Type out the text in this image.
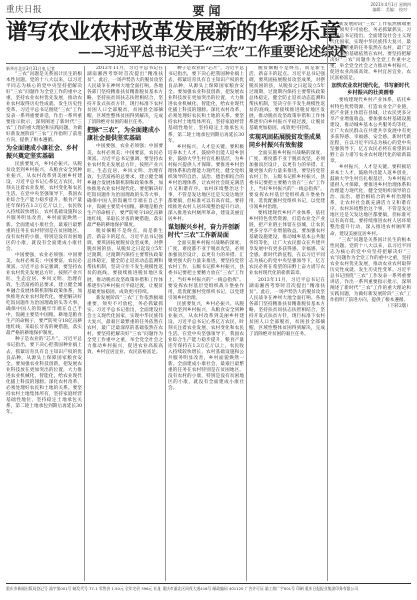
重庆日报	要闻	2021年4月1日 星期四
编辑： 美编： 校对：
谱写农业农村改革发展新的华彩乐章
——习近平总书记关于“三农”工作重要论述综述
新华社北京3月31日电 记者

“三农”问题是关系国计民生的根本性问题。党的十八大以来，以习近平同志为核心的党中央坚持把解决好“三农”问题作为全党工作的重中之重，坚持农业农村优先发展，推动农业农村取得历史性成就、发生历史性变革。习近平总书记围绕“三农”工作发表一系列重要讲话，作出一系列重要指示批示，深刻阐述了新时代“三农”工作的重大理论和实践问题，为做好新发展阶段“三农”工作指明了前进方向，提供了根本遵循。

为全面建成小康社会、乡村振兴奠定坚实基础

民族要复兴，乡村必振兴。从脱贫攻坚到乡村振兴，从粮食安全到种业振兴，从农村改革到美丽乡村建设，习近平总书记心系亿万农民，时刻关注着农业发展、农村变化和农民生活。在党中央坚强领导下，我国农业综合生产能力稳步提升，粮食产量连年保持在1.3万亿斤以上，农民收入持续较快增长，农村基础设施和公共服务明显改善，乡村面貌焕然一新。全面建成小康社会，最艰巨最繁重的任务在农村特别是在贫困地区。没有农村的小康，特别是没有贫困地区的小康，就没有全面建成小康社会。

中国要强，农业必须强；中国要美，农村必须美；中国要富，农民必须富。习近平总书记强调，要坚持农业农村优先发展总方针，按照产业兴旺、生态宜居、乡风文明、治理有效、生活富裕的总要求，建立健全城乡融合发展体制机制和政策体系，加快推进农业农村现代化。要把解决好吃饭问题作为治国理政的头等大事，确保中国人的饭碗牢牢端在自己手中，饭碗主要装中国粮。耕地是粮食生产的命根子，要严防死守18亿亩耕地红线，采取长牙齿的硬措施，落实最严格的耕地保护制度。

种子是农业的“芯片”。习近平总书记指出，要下决心把我国种业搞上去，抓紧培育具有自主知识产权的优良品种，从源头上保障国家粮食安全。要加强农业科技创新，把发展农业科技放在更加突出的位置，大力推进农业机械化、智能化，给农业现代化插上科技的翅膀。深化农村改革，必须处理好农民和土地的关系。要坚持农村土地集体所有，坚持家庭经营基础性地位，坚持稳定土地承包关系，第二轮土地承包到期后再延长30年。

2013年11月，习近平总书记在湖南湘西考察时首次提出“精准扶贫”。此后，一场声势浩大的脱贫攻坚人民战争在神州大地全面打响。各地各部门坚持精准扶贫精准脱贫基本方略，坚持扶贫同扶志扶智相结合，坚持开发式扶贫方针，现行标准下农村贫困人口全部脱贫，贫困县全部摘帽，区域性整体贫困得到解决，完成了消除绝对贫困的艰巨任务。

把脉“三农”，为全面建成小康社会提供坚实基础

中国要强，农业必须强；中国要美，农村必须美；中国要富，农民必须富。习近平总书记强调，要坚持农业农村优先发展总方针，按照产业兴旺、生态宜居、乡风文明、治理有效、生活富裕的总要求，建立健全城乡融合发展体制机制和政策体系，加快推进农业农村现代化。要把解决好吃饭问题作为治国理政的头等大事，确保中国人的饭碗牢牢端在自己手中，饭碗主要装中国粮。耕地是粮食生产的命根子，要严防死守18亿亩耕地红线，采取长牙齿的硬措施，落实最严格的耕地保护制度。

脱贫摘帽不是终点，而是新生活、新奋斗的起点。习近平总书记强调，要巩固拓展脱贫攻坚成果，对摆脱贫困的县，从脱贫之日起设立5年过渡期，过渡期内保持主要帮扶政策总体稳定，健全防止返贫动态监测和帮扶机制，坚决守住不发生规模性返贫的底线。要接续推进脱贫地区发展，推动脱贫攻坚政策举措和工作体系逐步向乡村振兴平稳过渡，让脱贫基础更加稳固、成效更可持续。

新发展阶段“三农”工作依然极端重要，须臾不可放松，务必抓紧抓实。习近平总书记指出，全面建设社会主义现代化国家，实现中华民族伟大复兴，最艰巨最繁重的任务依然在农村，最广泛最深厚的基础依然在农村。要坚持把解决好“三农”问题作为全党工作重中之重，举全党全社会之力推动乡村振兴，促进农业高质高效、乡村宜居宜业、农民富裕富足。

种子是农业的“芯片”。习近平总书记指出，要下决心把我国种业搞上去，抓紧培育具有自主知识产权的优良品种，从源头上保障国家粮食安全。要加强农业科技创新，把发展农业科技放在更加突出的位置，大力推进农业机械化、智能化，给农业现代化插上科技的翅膀。深化农村改革，必须处理好农民和土地的关系。要坚持农村土地集体所有，坚持家庭经营基础性地位，坚持稳定土地承包关系，第二轮土地承包到期后再延长30年。

乡村振兴，人才是关键。要积极培养本土人才，鼓励外出能人返乡创业，鼓励大学生村官扎根基层，为乡村振兴提供人才保障。要推进乡村治理体系和治理能力现代化，健全党组织领导的自治、法治、德治相结合的乡村治理体系，让农村社会既充满活力又和谐有序。农村环境整治这个事，不管是发达地区还是欠发达地区都要搞，但标准可以有高有低。要持续推进农村人居环境整治提升行动，深入推进农村厕所革命，建设美丽宜居乡村。

谋划振兴乡村，奋力开创新时代“三农”工作新局面

全面实施乡村振兴战略的深度、广度、难度都不亚于脱贫攻坚，必须加强顶层设计，以更有力的举措、汇聚更强大的力量来推进。要坚持党管农村工作，五级书记抓乡村振兴，县委书记要把主要精力放在“三农”工作上，当好乡村振兴的“一线总指挥”。要发挥农村基层党组织战斗堡垒作用，选优配强村党组织书记，以党建引领乡村治理。

民族要复兴，乡村必振兴。从脱贫攻坚到乡村振兴，从粮食安全到种业振兴，从农村改革到美丽乡村建设，习近平总书记心系亿万农民，时刻关注着农业发展、农村变化和农民生活。在党中央坚强领导下，我国农业综合生产能力稳步提升，粮食产量连年保持在1.3万亿斤以上，农民收入持续较快增长，农村基础设施和公共服务明显改善，乡村面貌焕然一新。全面建成小康社会，最艰巨最繁重的任务在农村特别是在贫困地区。没有农村的小康，特别是没有贫困地区的小康，就没有全面建成小康社会。

脱贫摘帽不是终点，而是新生活、新奋斗的起点。习近平总书记强调，要巩固拓展脱贫攻坚成果，对摆脱贫困的县，从脱贫之日起设立5年过渡期，过渡期内保持主要帮扶政策总体稳定，健全防止返贫动态监测和帮扶机制，坚决守住不发生规模性返贫的底线。要接续推进脱贫地区发展，推动脱贫攻坚政策举措和工作体系逐步向乡村振兴平稳过渡，让脱贫基础更加稳固、成效更可持续。

实现巩固拓展脱贫攻坚成果同乡村振兴有效衔接

全面实施乡村振兴战略的深度、广度、难度都不亚于脱贫攻坚，必须加强顶层设计，以更有力的举措、汇聚更强大的力量来推进。要坚持党管农村工作，五级书记抓乡村振兴，县委书记要把主要精力放在“三农”工作上，当好乡村振兴的“一线总指挥”。要发挥农村基层党组织战斗堡垒作用，选优配强村党组织书记，以党建引领乡村治理。

要构建现代乡村产业体系，依托乡村特色优势资源，打造农业全产业链，把产业链主体留在县城，让农民更多分享产业增值收益。要加强农村基础设施建设，推动城乡基本公共服务均等化，让广大农民群众在共建共享发展中有更多获得感、幸福感、安全感。新时代新征程，在以习近平同志为核心的党中央坚强领导下，亿万农民必将在希望的田野上奋力谱写农业农村现代化的崭新篇章。

2013年11月，习近平总书记在湖南湘西考察时首次提出“精准扶贫”。此后，一场声势浩大的脱贫攻坚人民战争在神州大地全面打响。各地各部门坚持精准扶贫精准脱贫基本方略，坚持扶贫同扶志扶智相结合，坚持开发式扶贫方针，现行标准下农村贫困人口全部脱贫，贫困县全部摘帽，区域性整体贫困得到解决，完成了消除绝对贫困的艰巨任务。

新发展阶段“三农”工作依然极端重要，须臾不可放松，务必抓紧抓实。习近平总书记指出，全面建设社会主义现代化国家，实现中华民族伟大复兴，最艰巨最繁重的任务依然在农村，最广泛最深厚的基础依然在农村。要坚持把解决好“三农”问题作为全党工作重中之重，举全党全社会之力推动乡村振兴，促进农业高质高效、乡村宜居宜业、农民富裕富足。

加快农业农村现代化，书写新时代乡村振兴的壮美画卷

要构建现代乡村产业体系，依托乡村特色优势资源，打造农业全产业链，把产业链主体留在县城，让农民更多分享产业增值收益。要加强农村基础设施建设，推动城乡基本公共服务均等化，让广大农民群众在共建共享发展中有更多获得感、幸福感、安全感。新时代新征程，在以习近平同志为核心的党中央坚强领导下，亿万农民必将在希望的田野上奋力谱写农业农村现代化的崭新篇章。

乡村振兴，人才是关键。要积极培养本土人才，鼓励外出能人返乡创业，鼓励大学生村官扎根基层，为乡村振兴提供人才保障。要推进乡村治理体系和治理能力现代化，健全党组织领导的自治、法治、德治相结合的乡村治理体系，让农村社会既充满活力又和谐有序。农村环境整治这个事，不管是发达地区还是欠发达地区都要搞，但标准可以有高有低。要持续推进农村人居环境整治提升行动，深入推进农村厕所革命，建设美丽宜居乡村。

“三农”问题是关系国计民生的根本性问题。党的十八大以来，以习近平同志为核心的党中央坚持把解决好“三农”问题作为全党工作的重中之重，坚持农业农村优先发展，推动农业农村取得历史性成就、发生历史性变革。习近平总书记围绕“三农”工作发表一系列重要讲话，作出一系列重要指示批示，深刻阐述了新时代“三农”工作的重大理论和实践问题，为做好新发展阶段“三农”工作指明了前进方向，提供了根本遵循。

（下转2版）

重庆市新闻出版局登记号 渝字第001号 邮发代号 77-1 零售价 1.50元 全年定价 396元 社址 重庆市渝北区同茂大道416号 邮政编码 401120 广告许可证 渝工商广字001号 印刷 重庆日报报业集团印务有限公司
